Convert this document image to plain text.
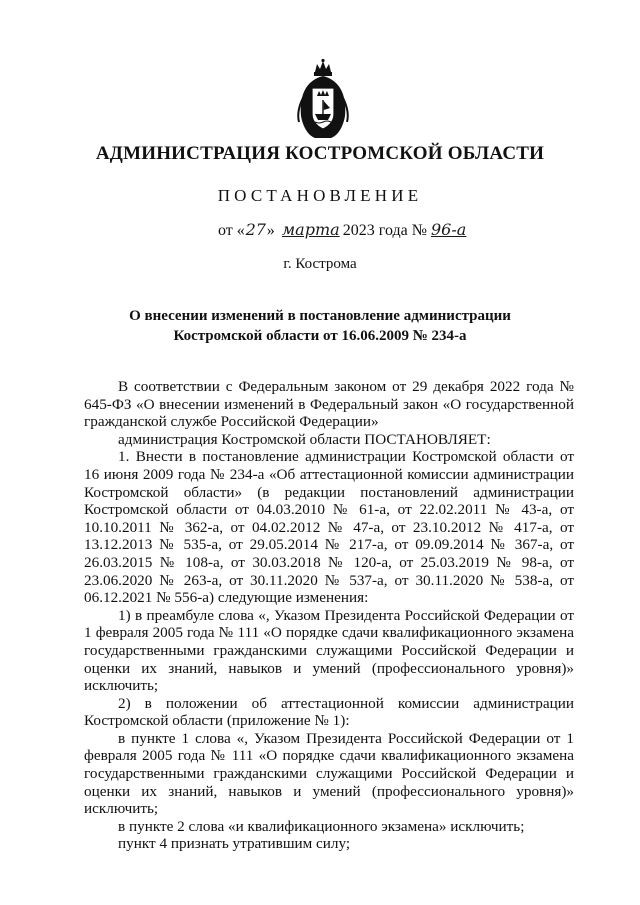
АДМИНИСТРАЦИЯ КОСТРОМСКОЙ ОБЛАСТИ
ПОСТАНОВЛЕНИЕ
от «27» марта 2023 года № 96-а
г. Кострома
О внесении изменений в постановление администрации
Костромской области от 16.06.2009 № 234-а

В соответствии с Федеральным законом от 29 декабря 2022 года № 645-ФЗ «О внесении изменений в Федеральный закон «О государственной гражданской службе Российской Федерации»

администрация Костромской области ПОСТАНОВЛЯЕТ:

1. Внести в постановление администрации Костромской области от 16 июня 2009 года № 234-а «Об аттестационной комиссии администрации Костромской области» (в редакции постановлений администрации Костромской области от 04.03.2010 № 61-а, от 22.02.2011 № 43-а, от 10.10.2011 № 362-а, от 04.02.2012 № 47-а, от 23.10.2012 № 417-а, от 13.12.2013 № 535-а, от 29.05.2014 № 217-а, от 09.09.2014 № 367-а, от 26.03.2015 № 108-а, от 30.03.2018 № 120-а, от 25.03.2019 № 98-а, от 23.06.2020 № 263-а, от 30.11.2020 № 537-а, от 30.11.2020 № 538-а, от 06.12.2021 № 556-а) следующие изменения:

1) в преамбуле слова «, Указом Президента Российской Федерации от 1 февраля 2005 года № 111 «О порядке сдачи квалификационного экзамена государственными гражданскими служащими Российской Федерации и оценки их знаний, навыков и умений (профессионального уровня)» исключить;

2) в положении об аттестационной комиссии администрации Костромской области (приложение № 1):

в пункте 1 слова «, Указом Президента Российской Федерации от 1 февраля 2005 года № 111 «О порядке сдачи квалификационного экзамена государственными гражданскими служащими Российской Федерации и оценки их знаний, навыков и умений (профессионального уровня)» исключить;

в пункте 2 слова «и квалификационного экзамена» исключить;

пункт 4 признать утратившим силу;
